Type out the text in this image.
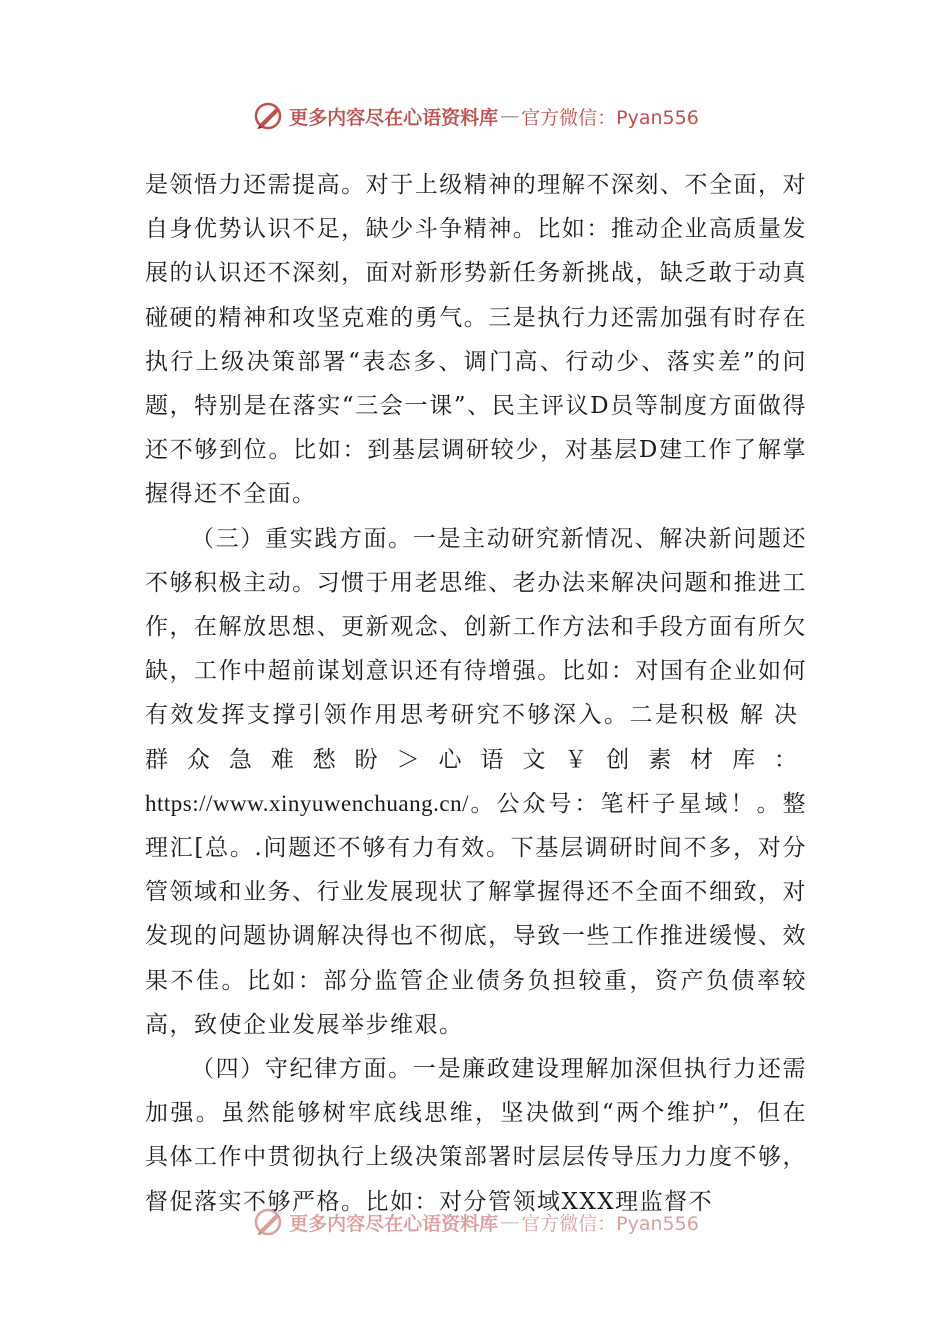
更多内容尽在心语资料库 — 官方微信：Pyan556

是领悟力还需提高。对于上级精神的理解不深刻、不全面，对自身优势认识不足，缺少斗争精神。比如：推动企业高质量发展的认识还不深刻，面对新形势新任务新挑战，缺乏敢于动真碰硬的精神和攻坚克难的勇气。三是执行力还需加强有时存在执行上级决策部署“表态多、调门高、行动少、落实差”的问题，特别是在落实“三会一课”、民主评议D员等制度方面做得还不够到位。比如：到基层调研较少，对基层D建工作了解掌握得还不全面。

（三）重实践方面。一是主动研究新情况、解决新问题还不够积极主动。习惯于用老思维、老办法来解决问题和推进工作，在解放思想、更新观念、创新工作方法和手段方面有所欠缺，工作中超前谋划意识还有待增强。比如：对国有企业如何有效发挥支撑引领作用思考研究不够深入。二是积极解决群众急难愁盼＞心语文￥创素材库：https://www.xinyuwenchuang.cn/。公众号：笔杆子星域！。整理汇[总。.问题还不够有力有效。下基层调研时间不多，对分管领域和业务、行业发展现状了解掌握得还不全面不细致，对发现的问题协调解决得也不彻底，导致一些工作推进缓慢、效果不佳。比如：部分监管企业债务负担较重，资产负债率较高，致使企业发展举步维艰。

（四）守纪律方面。一是廉政建设理解加深但执行力还需加强。虽然能够树牢底线思维，坚决做到“两个维护”，但在具体工作中贯彻执行上级决策部署时层层传导压力力度不够，督促落实不够严格。比如：对分管领域XXX理监督不

更多内容尽在心语资料库 — 官方微信：Pyan556
